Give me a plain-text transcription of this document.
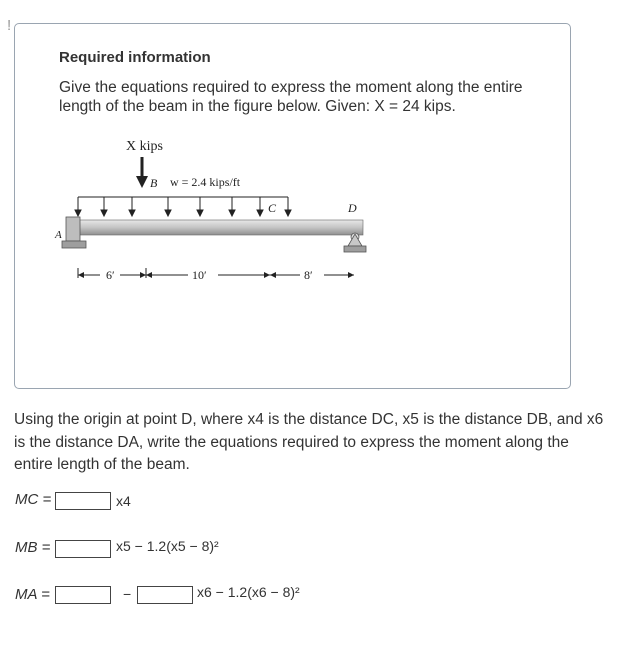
!
Required information
Give the equations required to express the moment along the entire length of the beam in the figure below. Given: X = 24 kips.
X kips
B w = 2.4 kips/ft
C	D
A
6′	10′	8′
Using the origin at point D, where x4 is the distance DC, x5 is the distance DB, and x6 is the distance DA, write the equations required to express the moment along the entire length of the beam.
MC =	x4
MB =	x5 − 1.2(x5 − 8)²
MA =	−	x6 − 1.2(x6 − 8)²
